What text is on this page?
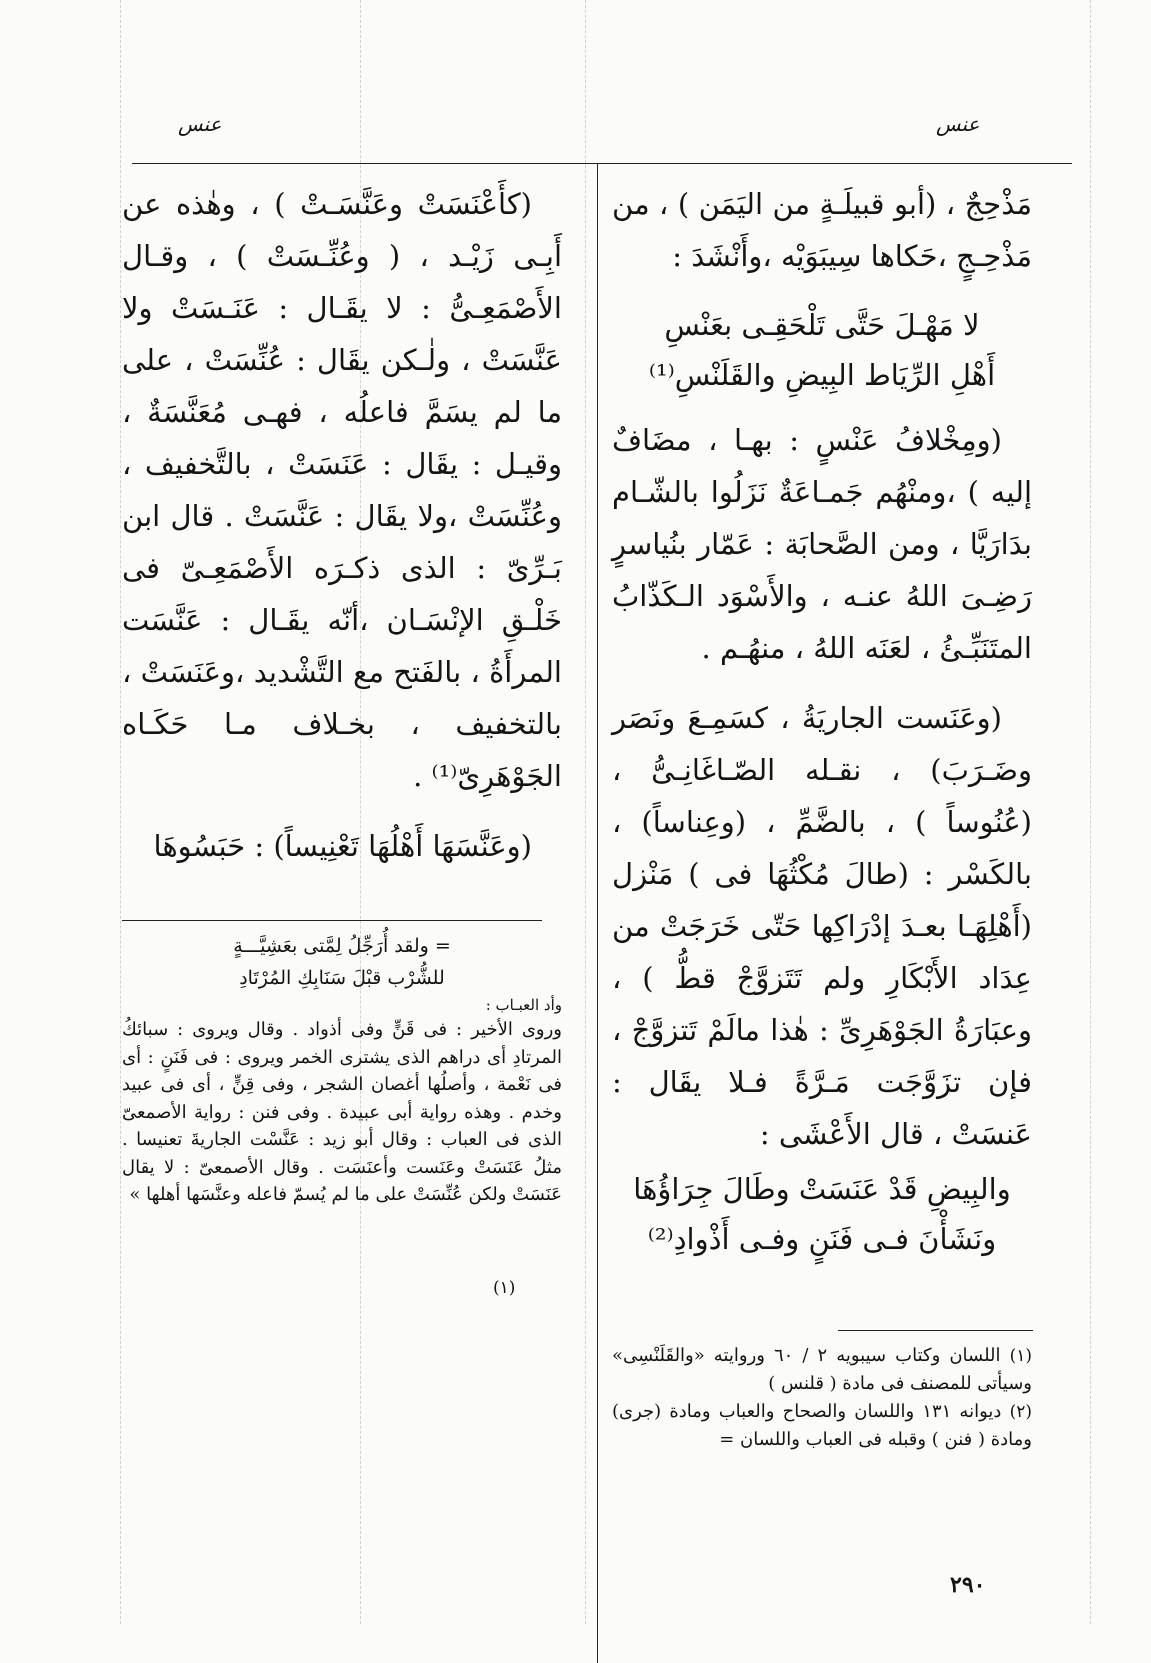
عنس
عنس

مَذْحِجٌ ، (أبو قبيلَـةٍ من اليَمَن ) ، من مَذْحِـجٍ ،حَكاها سِيبَوَيْه ،وأَنْشَدَ :

لا مَهْـلَ حَتَّى تَلْحَقِـى بعَنْسِ

أَهْلِ الرِّيَاط البِيضِ والقَلَنْسِ⁽¹⁾

(ومِخْلافُ عَنْسٍ : بهـا ، مضَافٌ إليه ) ،ومنْهُم جَمـاعَةٌ نَزَلُوا بالشّـام بدَارَيَّا ، ومن الصَّحابَة : عَمّار بنُياسرٍ رَضِـىَ اللهُ عنـه ، والأَسْوَد الـكَذّابُ المتَنَبِّـئُ ، لعَنَه اللهُ ، منهُـم .

(وعَنَست الجاريَةُ ، كسَمِـعَ ونَصَر وضَـرَبَ) ، نقـله الصّـاغَانِـىُّ ، (عُنُوساً ) ، بالضَّمِّ ، (وعِناساً) ، بالكَسْر : (طالَ مُكْثُهَا فى ) مَنْزل (أَهْلِهَـا بعـدَ إدْرَاكِها حَتّى خَرَجَتْ من عِدَاد الأَبْكَارِ ولم تَتَزوَّجْ قطُّ ) ، وعبَارَةُ الجَوْهَرِىِّ : هٰذا مالَمْ تَتزوَّجْ ، فإن تزَوَّجَت مَـرَّةً فـلا يقَال : عَنسَتْ ، قال الأَعْشَى :

والبِيضِ قَدْ عَنَسَتْ وطَالَ جِرَاؤُهَا

ونَشَأْنَ فـى فَنَنٍ وفـى أَذْوادِ⁽²⁾

(١) اللسان وكتاب سيبويه ٢ / ٦٠ وروايته «والقَلَنْسِى» وسيأتى للمصنف فى مادة ( قلنس )

(٢) ديوانه ١٣١ واللسان والصحاح والعباب ومادة (جرى) ومادة ( فنن ) وقبله فى العباب واللسان =

(كأَعْنَسَتْ وعَنَّسَـتْ ) ، وهٰذه عن أَبِـى زَيْـد ، ( وعُنِّـسَتْ ) ، وقـال الأَصْمَعِـىُّ : لا يقَـال : عَنَـسَتْ ولا عَنَّسَتْ ، ولٰـكن يقَال : عُنِّسَتْ ، على ما لم يسَمَّ فاعلُه ، فهـى مُعَنَّسَةٌ ، وقيـل : يقَال : عَنَسَتْ ، بالتَّخفيف ، وعُنِّسَتْ ،ولا يقَال : عَنَّسَتْ . قال ابن بَـرِّىّ : الذى ذكـرَه الأَصْمَعِـىّ فى خَلْـقِ الإنْسَـان ،أنّه يقَـال : عَنَّسَت المرأَةُ ، بالفَتح مع التَّشْديد ،وعَنَسَتْ ، بالتخفيف ، بخـلاف مـا حَكَـاه الجَوْهَرِىّ⁽¹⁾ .

(وعَنَّسَهَا أَهْلُهَا تَعْنِيساً) : حَبَسُوهَا

= ولقد أُرَجِّلُ لِمَّتى بعَشِيَّـــةٍ

للشُّرْب قبْلَ سَنَابِكِ المُرْتَادِ

وأد العبـاب :

وروى الأخير : فى قَنٍّ وفى أذواد . وقال ويروى : سبائكُ المرتادِ أى دراهم الذى يشترى الخمر ويروى : فى فَنَنٍ : أى فى نَعْمة ، وأصلُها أغصان الشجر ، وفى قِنٍّ ، أى فى عبيد وخدم . وهذه رواية أبى عبيدة . وفى فنن : رواية الأصمعىّ الذى فى العباب : وقال أبو زيد : عَنَّسْت الجاريةَ تعنيسا . مثلُ عَنَسَتْ وعَنَست وأعنَسَت . وقال الأصمعىّ : لا يقال عَنَسَتْ ولكن عُنِّسَتْ على ما لم يُسمّ فاعله وعنَّسَها أهلها »

(١)
٢٩٠
